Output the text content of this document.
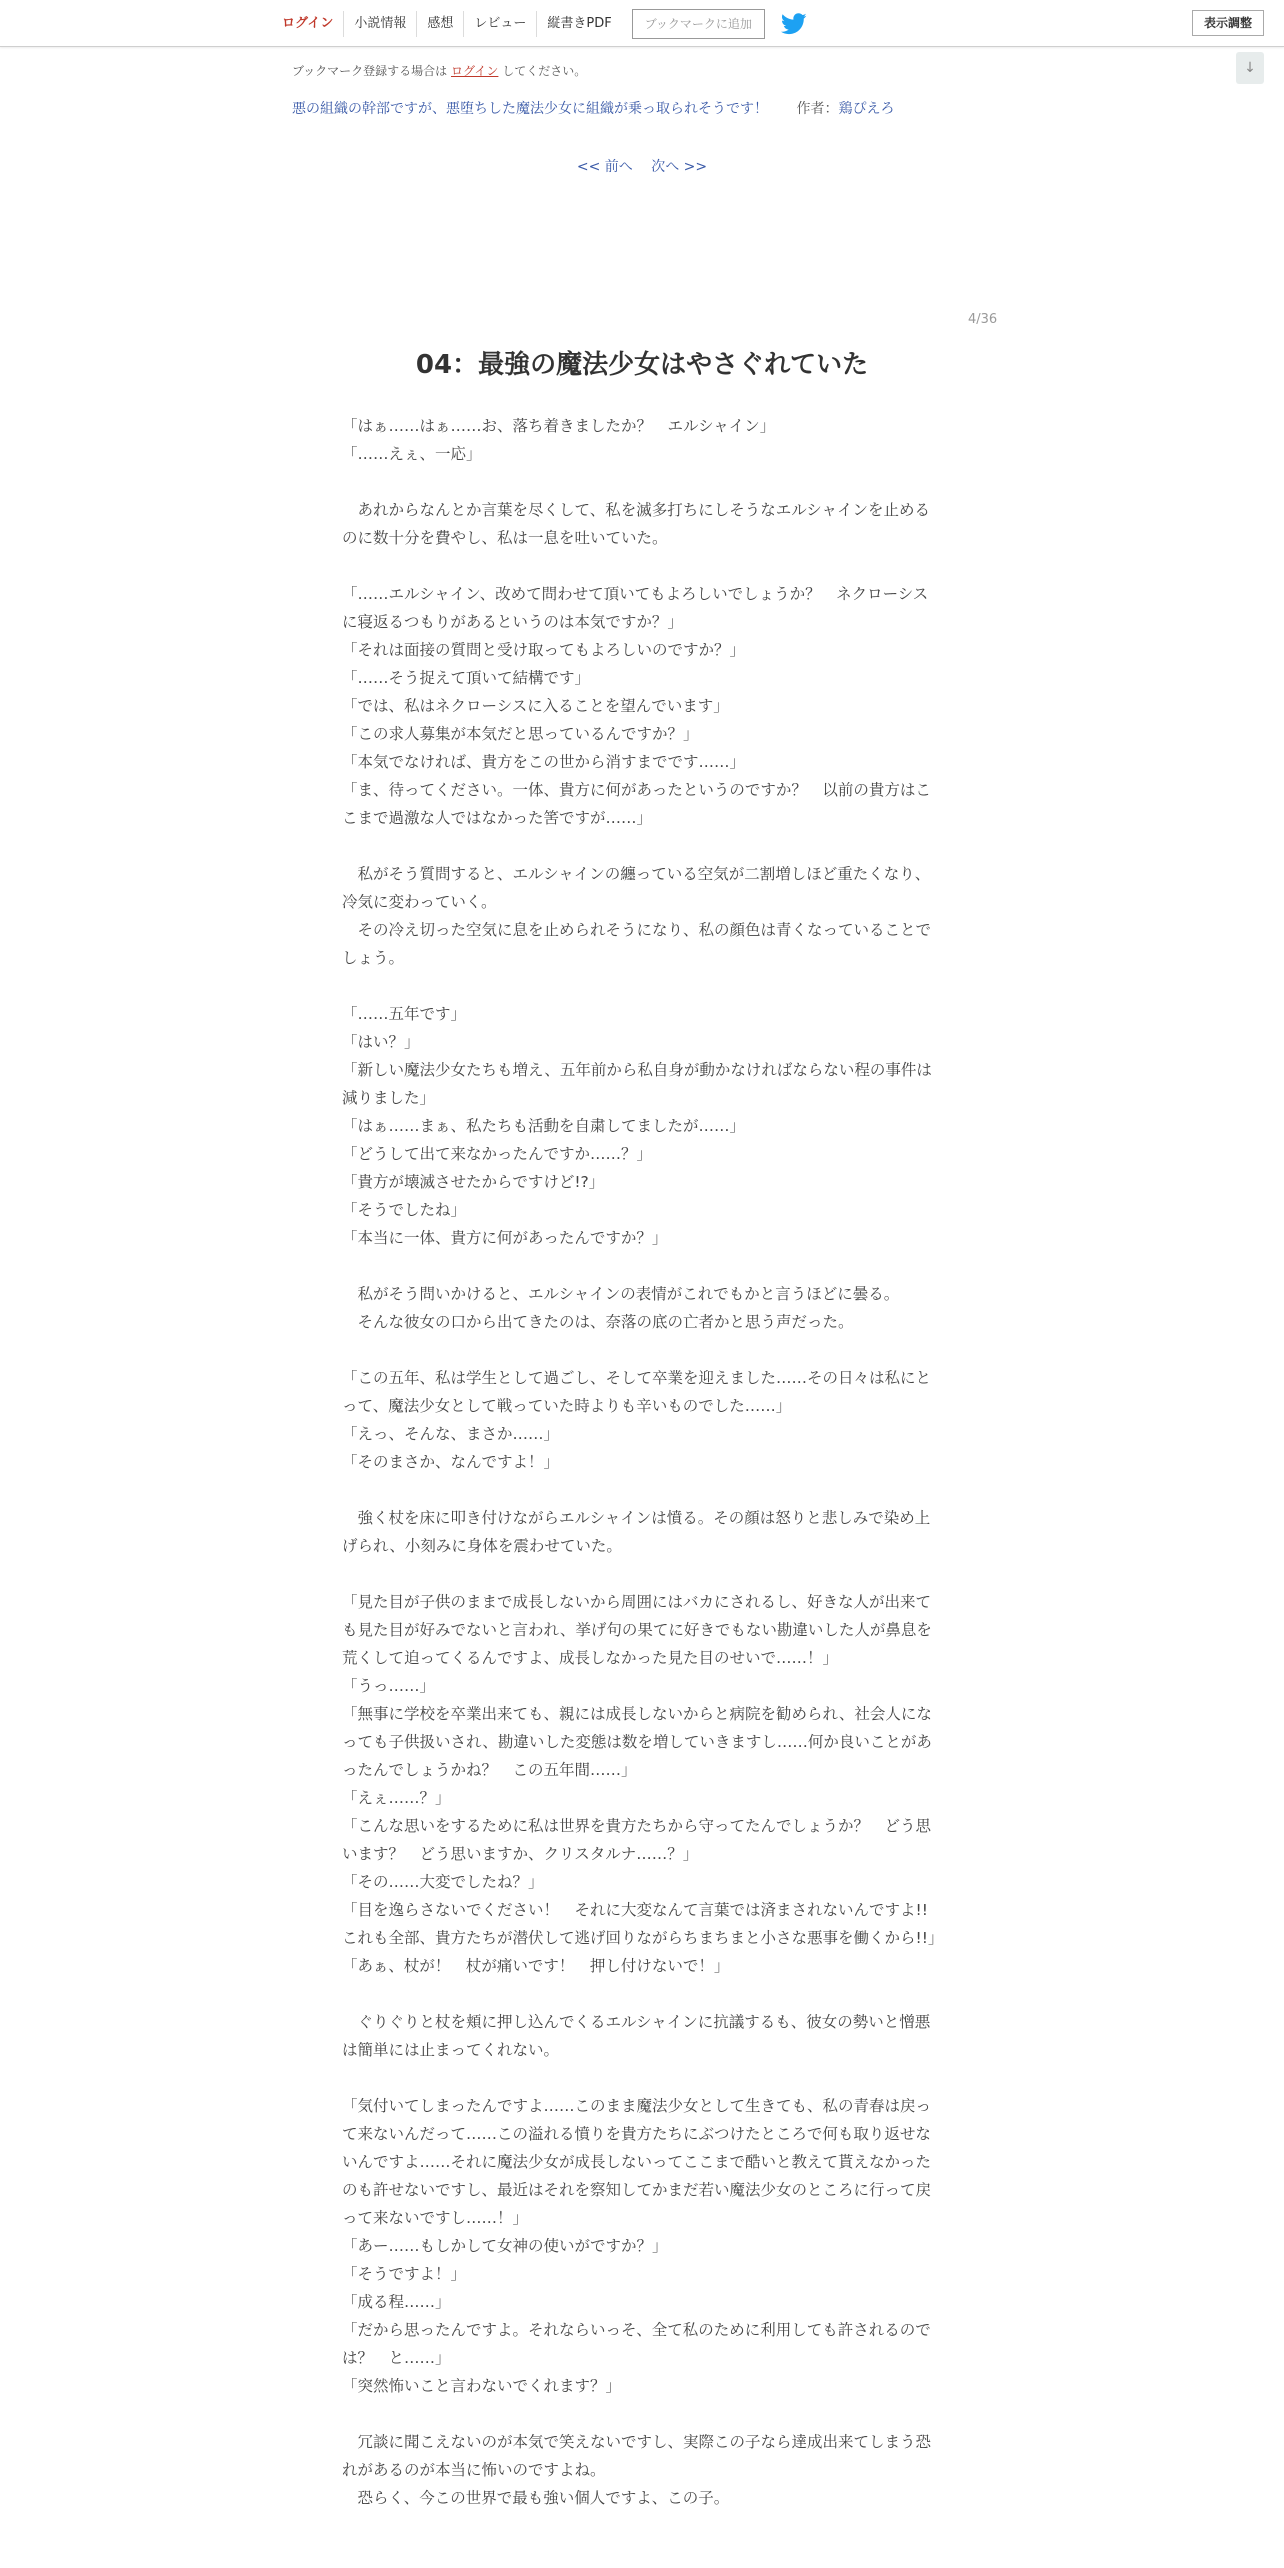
ログイン	小説情報	感想	レビュー	縦書きPDF	ブックマークに追加	表示調整
↓
ブックマーク登録する場合は ログイン してください。
悪の組織の幹部ですが、悪堕ちした魔法少女に組織が乗っ取られそうです！ 作者：鶏ぴえろ
<< 前へ 次へ >>
4/36
04：最強の魔法少女はやさぐれていた

「はぁ……はぁ……お、落ち着きましたか？　エルシャイン」

「……えぇ、一応」

　あれからなんとか言葉を尽くして、私を滅多打ちにしそうなエルシャインを止めるのに数十分を費やし、私は一息を吐いていた。

「……エルシャイン、改めて問わせて頂いてもよろしいでしょうか？　ネクローシスに寝返るつもりがあるというのは本気ですか？」

「それは面接の質問と受け取ってもよろしいのですか？」

「……そう捉えて頂いて結構です」

「では、私はネクローシスに入ることを望んでいます」

「この求人募集が本気だと思っているんですか？」

「本気でなければ、貴方をこの世から消すまでです……」

「ま、待ってください。一体、貴方に何があったというのですか？　以前の貴方はここまで過激な人ではなかった筈ですが……」

　私がそう質問すると、エルシャインの纏っている空気が二割増しほど重たくなり、冷気に変わっていく。

　その冷え切った空気に息を止められそうになり、私の顔色は青くなっていることでしょう。

「……五年です」

「はい？」

「新しい魔法少女たちも増え、五年前から私自身が動かなければならない程の事件は減りました」

「はぁ……まぁ、私たちも活動を自粛してましたが……」

「どうして出て来なかったんですか……？」

「貴方が壊滅させたからですけど!?」

「そうでしたね」

「本当に一体、貴方に何があったんですか？」

　私がそう問いかけると、エルシャインの表情がこれでもかと言うほどに曇る。

　そんな彼女の口から出てきたのは、奈落の底の亡者かと思う声だった。

「この五年、私は学生として過ごし、そして卒業を迎えました……その日々は私にとって、魔法少女として戦っていた時よりも辛いものでした……」

「えっ、そんな、まさか……」

「そのまさか、なんですよ！」

　強く杖を床に叩き付けながらエルシャインは憤る。その顔は怒りと悲しみで染め上げられ、小刻みに身体を震わせていた。

「見た目が子供のままで成長しないから周囲にはバカにされるし、好きな人が出来ても見た目が好みでないと言われ、挙げ句の果てに好きでもない勘違いした人が鼻息を荒くして迫ってくるんですよ、成長しなかった見た目のせいで……！」

「うっ……」

「無事に学校を卒業出来ても、親には成長しないからと病院を勧められ、社会人になっても子供扱いされ、勘違いした変態は数を増していきますし……何か良いことがあったんでしょうかね？　この五年間……」

「えぇ……？」

「こんな思いをするために私は世界を貴方たちから守ってたんでしょうか？　どう思います？　どう思いますか、クリスタルナ……？」

「その……大変でしたね？」

「目を逸らさないでください！　それに大変なんて言葉では済まされないんですよ!!　これも全部、貴方たちが潜伏して逃げ回りながらちまちまと小さな悪事を働くから!!」

「あぁ、杖が！　杖が痛いです！　押し付けないで！」

　ぐりぐりと杖を頬に押し込んでくるエルシャインに抗議するも、彼女の勢いと憎悪は簡単には止まってくれない。

「気付いてしまったんですよ……このまま魔法少女として生きても、私の青春は戻って来ないんだって……この溢れる憤りを貴方たちにぶつけたところで何も取り返せないんですよ……それに魔法少女が成長しないってここまで酷いと教えて貰えなかったのも許せないですし、最近はそれを察知してかまだ若い魔法少女のところに行って戻って来ないですし……！」

「あー……もしかして女神の使いがですか？」

「そうですよ！」

「成る程……」

「だから思ったんですよ。それならいっそ、全て私のために利用しても許されるのでは？　と……」

「突然怖いこと言わないでくれます？」

　冗談に聞こえないのが本気で笑えないですし、実際この子なら達成出来てしまう恐れがあるのが本当に怖いのですよね。

　恐らく、今この世界で最も強い個人ですよ、この子。
